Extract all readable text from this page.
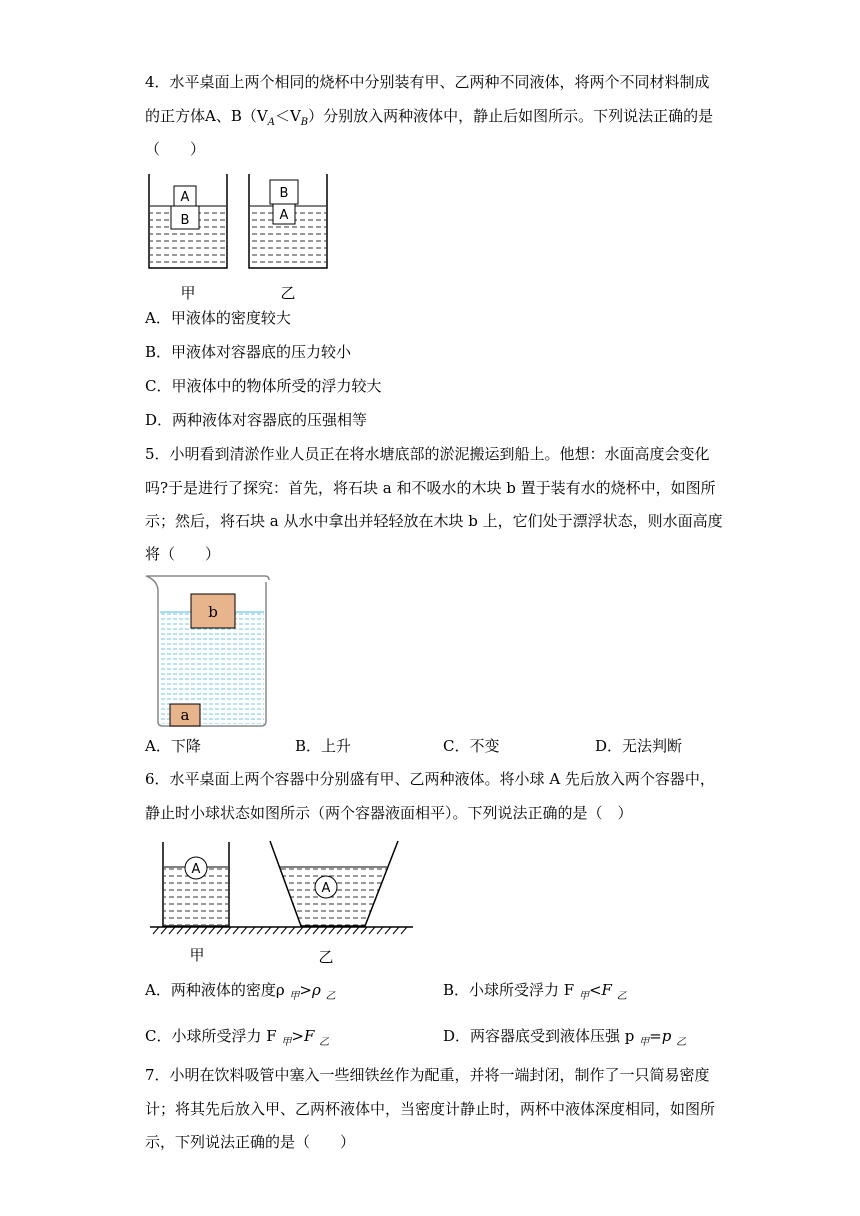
4．水平桌面上两个相同的烧杯中分别装有甲、乙两种不同液体，将两个不同材料制成
的正方体A、$B(V_A<V_B)$分别放入两种液体中，静止后如图所示。下列说法正确的是
（　　）
B
A
A
B
甲	乙
A．甲液体的密度较大
B．甲液体对容器底的压力较小
C．甲液体中的物体所受的浮力较大
D．两种液体对容器底的压强相等
5．小明看到清淤作业人员正在将水塘底部的淤泥搬运到船上。他想：水面高度会变化
吗?于是进行了探究：首先，将石块 a 和不吸水的木块 b 置于装有水的烧杯中，如图所
示；然后，将石块 a 从水中拿出并轻轻放在木块 b 上，它们处于漂浮状态，则水面高度
将（　　）
b
a
A．下降	B．上升	C．不变	D．无法判断
6．水平桌面上两个容器中分别盛有甲、乙两种液体。将小球 A 先后放入两个容器中，
静止时小球状态如图所示（两个容器液面相平）。下列说法正确的是（　）
A
A
甲	乙
A．两种液体的密度ρ $_甲$>ρ $_乙$	B．小球所受浮力 F $_甲$<F $_乙$
C．小球所受浮力 F $_甲$>F $_乙$	D．两容器底受到液体压强 p $_甲$=p $_乙$
7．小明在饮料吸管中塞入一些细铁丝作为配重，并将一端封闭，制作了一只简易密度
计；将其先后放入甲、乙两杯液体中，当密度计静止时，两杯中液体深度相同，如图所
示，下列说法正确的是（　　）
